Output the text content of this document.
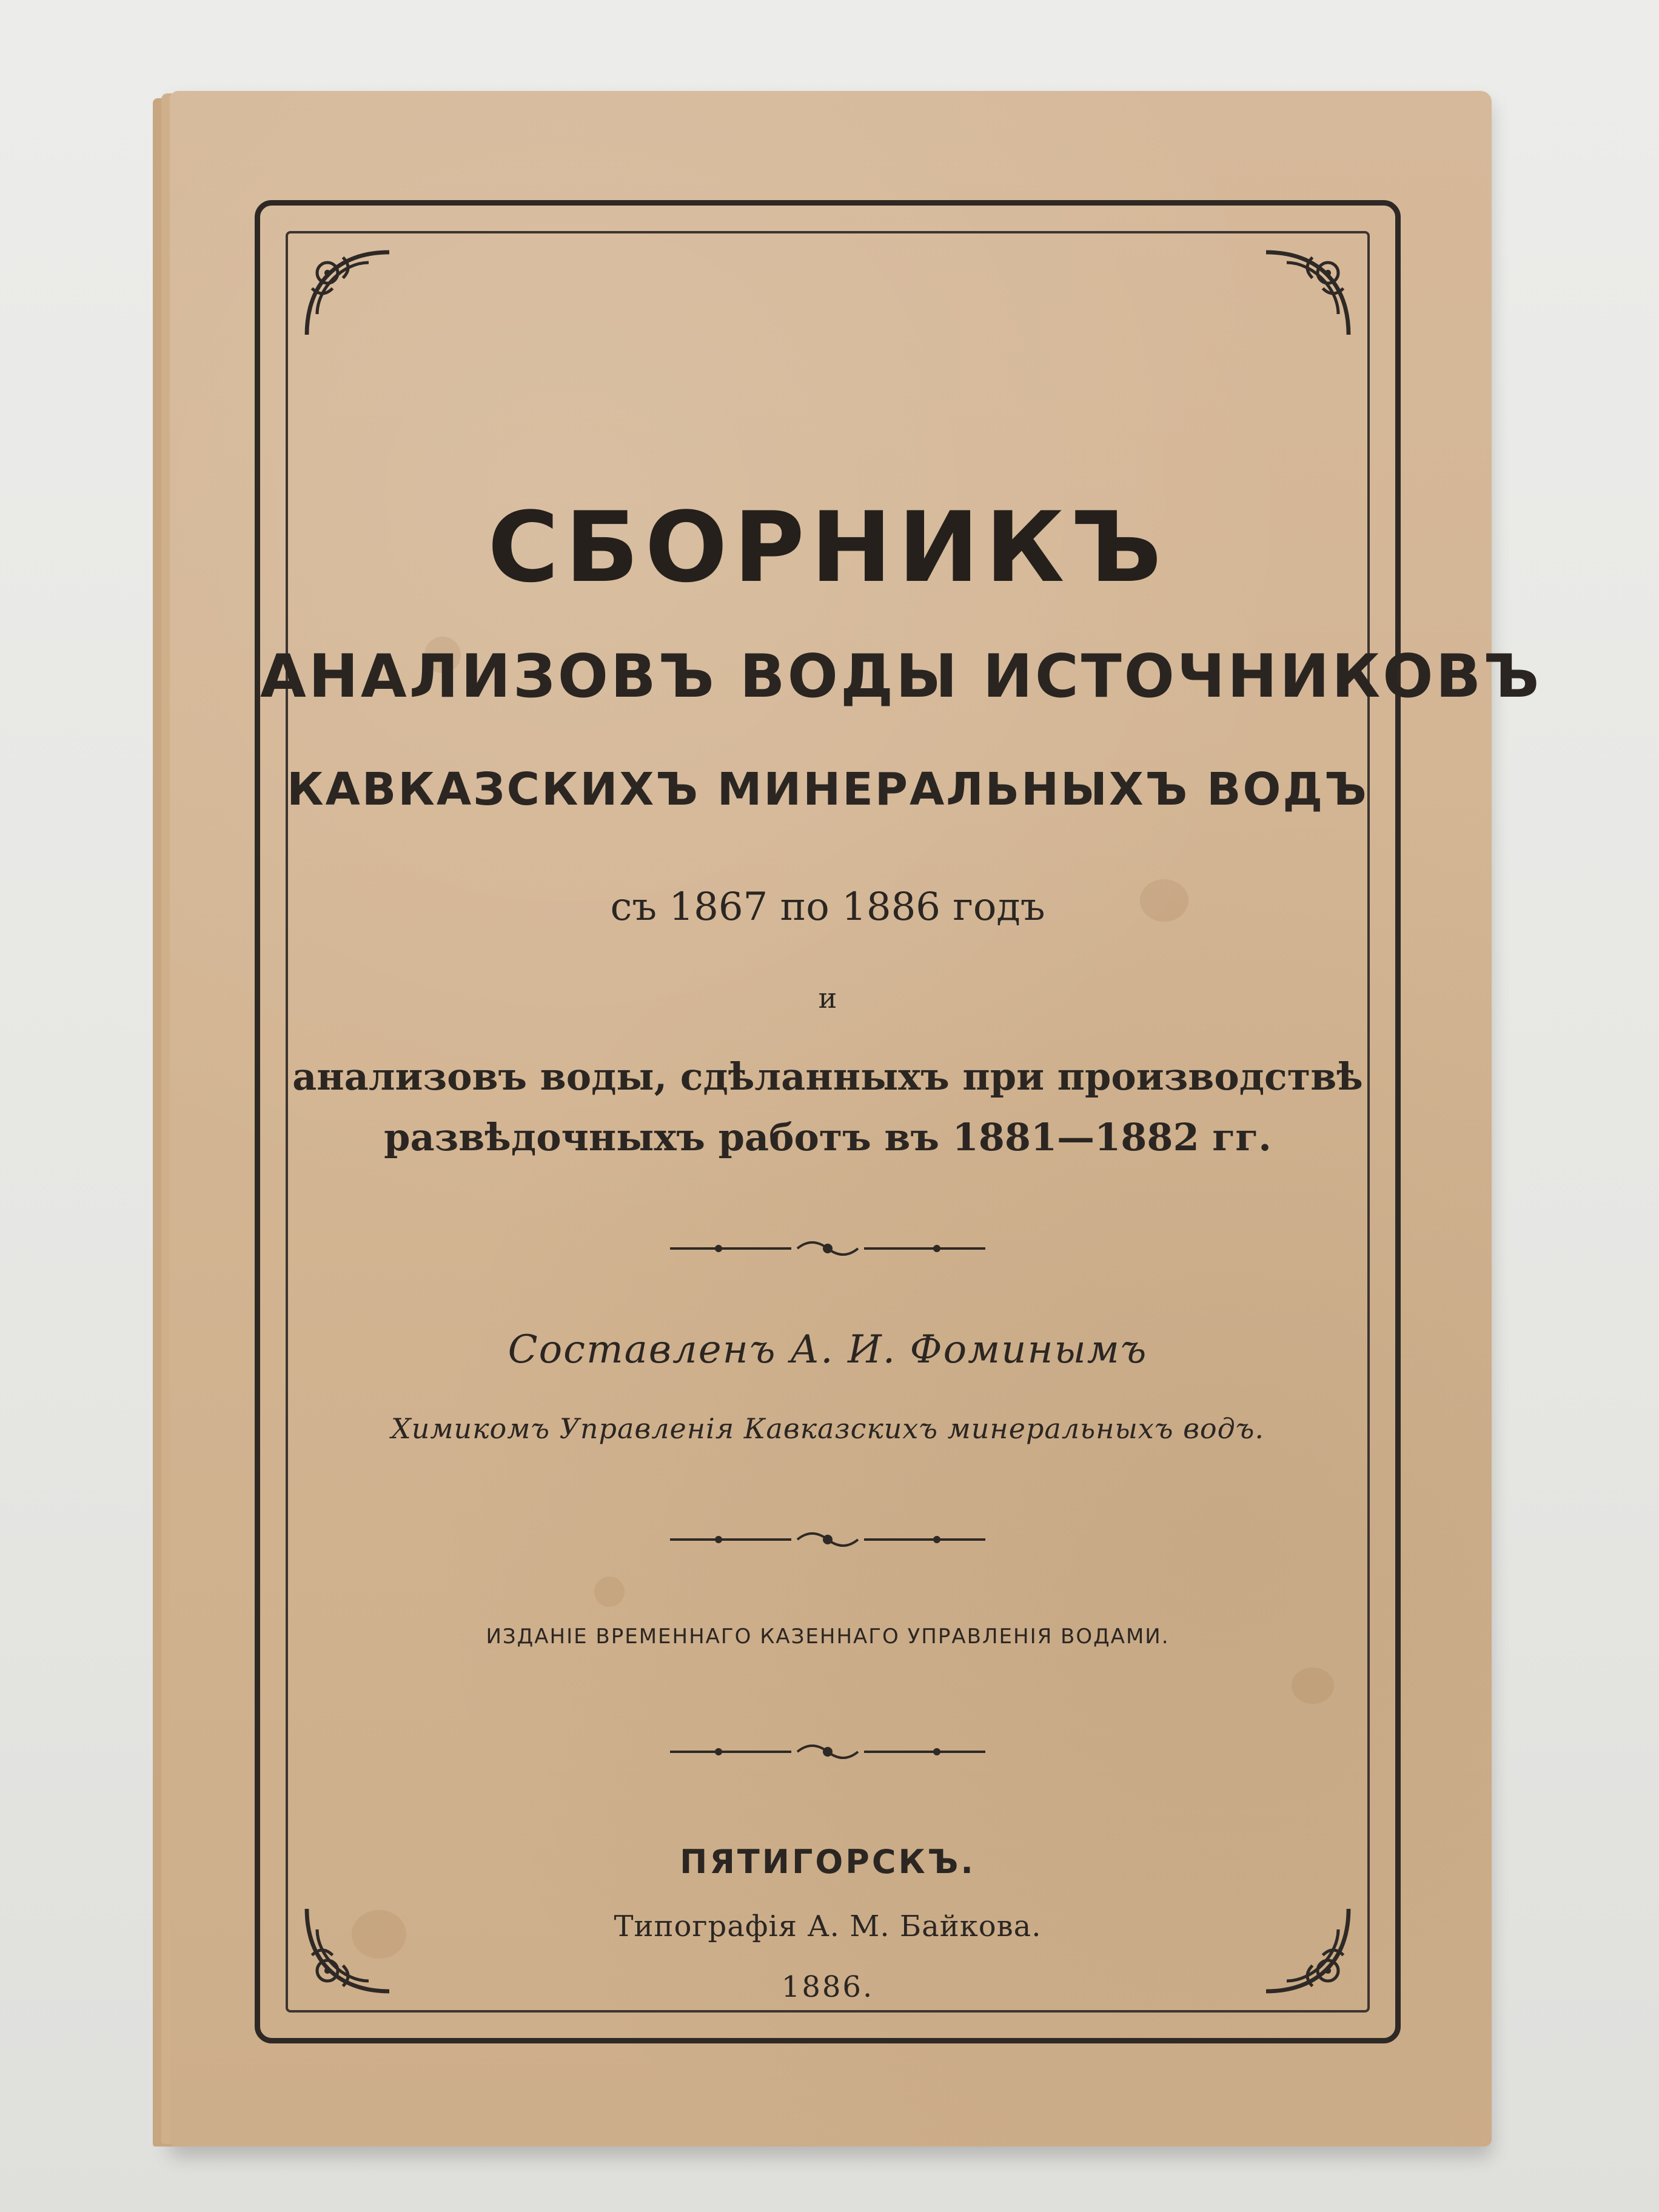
СБОРНИКЪ
АНАЛИЗОВЪ ВОДЫ ИСТОЧНИКОВЪ
КАВКАЗСКИХЪ МИНЕРАЛЬНЫХЪ ВОДЪ
съ 1867 по 1886 годъ
и
анализовъ воды, сдѣланныхъ при производствѣ
развѣдочныхъ работъ въ 1881—1882 гг.
Составленъ А. И. Фоминымъ
Химикомъ Управленія Кавказскихъ минеральныхъ водъ.
ИЗДАНІЕ ВРЕМЕННАГО КАЗЕННАГО УПРАВЛЕНІЯ ВОДАМИ.
ПЯТИГОРСКЪ.
Типографія А. М. Байкова.
1886.
